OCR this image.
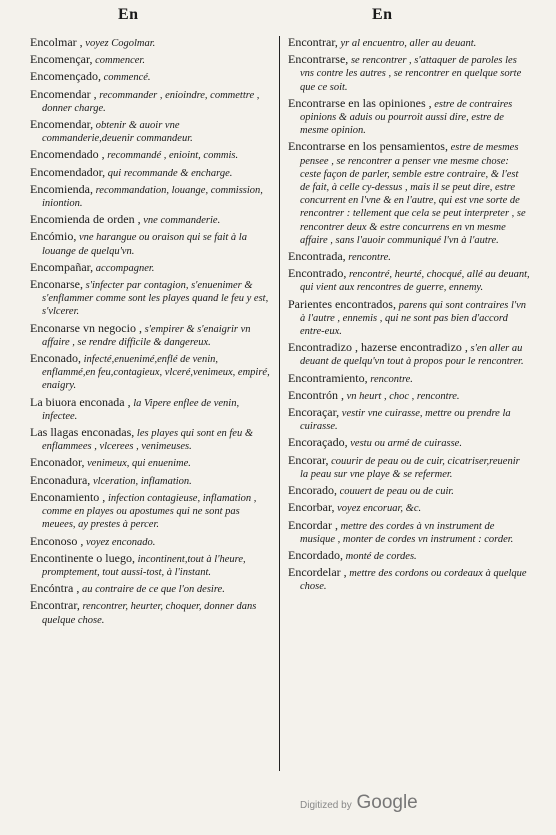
En	En

Encolmar , voyez Cogolmar.

Encomençar, commencer.

Encomençado, commencé.

Encomendar , recommander , enioindre, commettre , donner charge.

Encomendar, obtenir & auoir vne commanderie,deuenir commandeur.

Encomendado , recommandé , enioint, commis.

Encomendador, qui recommande & encharge.

Encomienda, recommandation, louange, commission, iniontion.

Encomienda de orden , vne commanderie.

Encómio, vne harangue ou oraison qui se fait à la louange de quelqu'vn.

Encompañar, accompagner.

Enconarse, s'infecter par contagion, s'enuenimer & s'enflammer comme sont les playes quand le feu y est, s'vlcerer.

Enconarse vn negocio , s'empirer & s'enaigrir vn affaire , se rendre difficile & dangereux.

Enconado, infecté,enuenimé,enflé de venin, enflammé,en feu,contagieux, vlceré,venimeux, empiré, enaigry.

La biuora enconada , la Vipere enflee de venin, infectee.

Las llagas enconadas, les playes qui sont en feu & enflammees , vlcerees , venimeuses.

Enconador, venimeux, qui enuenime.

Enconadura, vlceration, inflamation.

Enconamiento , infection contagieuse, inflamation , comme en playes ou apostumes qui ne sont pas meuees, ay prestes à percer.

Enconoso , voyez enconado.

Encontinente o luego, incontinent,tout à l'heure, promptement, tout aussi-tost, à l'instant.

Encóntra , au contraire de ce que l'on desire.

Encontrar, rencontrer, heurter, choquer, donner dans quelque chose.

Encontrar, yr al encuentro, aller au deuant.

Encontrarse, se rencontrer , s'attaquer de paroles les vns contre les autres , se rencontrer en quelque sorte que ce soit.

Encontrarse en las opiniones , estre de contraires opinions & aduis ou pourroit aussi dire, estre de mesme opinion.

Encontrarse en los pensamientos, estre de mesmes pensee , se rencontrer a penser vne mesme chose: ceste façon de parler, semble estre contraire, & l'est de fait, à celle cy-dessus , mais il se peut dire, estre concurrent en l'vne & en l'autre, qui est vne sorte de rencontrer : tellement que cela se peut interpreter , se rencontrer deux & estre concurrens en vn mesme affaire , sans l'auoir communiqué l'vn à l'autre.

Encontrada, rencontre.

Encontrado, rencontré, heurté, chocqué, allé au deuant, qui vient aux rencontres de guerre, ennemy.

Parientes encontrados, parens qui sont contraires l'vn à l'autre , ennemis , qui ne sont pas bien d'accord entre-eux.

Encontradizo , hazerse encontradizo , s'en aller au deuant de quelqu'vn tout à propos pour le rencontrer.

Encontramiento, rencontre.

Encontrón , vn heurt , choc , rencontre.

Encoraçar, vestir vne cuirasse, mettre ou prendre la cuirasse.

Encoraçado, vestu ou armé de cuirasse.

Encorar, couurir de peau ou de cuir, cicatriser,reuenir la peau sur vne playe & se refermer.

Encorado, couuert de peau ou de cuir.

Encorbar, voyez encoruar, &c.

Encordar , mettre des cordes à vn instrument de musique , monter de cordes vn instrument : corder.

Encordado, monté de cordes.

Encordelar , mettre des cordons ou cordeaux à quelque chose.

Digitized by Google
